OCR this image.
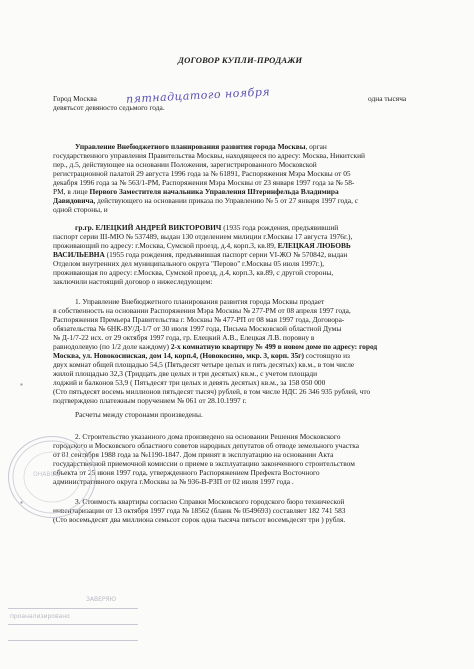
ДОГОВОР КУПЛИ-ПРОДАЖИ

Город Москва	пятнадцатого ноября	одна тысяча

девятьсот девяносто седьмого года.

Управление Внебюджетного планирования развития города Москвы, орган

государственного управления Правительства Москвы, находящееся по адресу: Москва, Никитский

пер., д.5, действующее на основании Положения, зарегистрированного Московской

регистрационной палатой 29 августа 1996 года за № 61891, Распоряжения Мэра Москвы от 05

декабря 1996 года за № 563/1-РМ, Распоряжения Мэра Москвы от 23 января 1997 года за № 58-

РМ, в лице Первого Заместителя начальника Управления Штеринфельда Владимира

Давидовича, действующего на основании приказа по Управлению № 5 от 27 января 1997 года, с

одной стороны, и

гр.гр. ЕЛЕЦКИЙ АНДРЕЙ ВИКТОРОВИЧ (1935 года рождения, предъявивший

паспорт серии III-МЮ № 537489, выдан 130 отделением милиции г.Москвы 17 августа 1976г.),

проживающий по адресу: г.Москва, Сумской проезд, д.4, корп.3, кв.89, ЕЛЕЦКАЯ ЛЮБОВЬ

ВАСИЛЬЕВНА (1955 года рождения, предъявившая паспорт серии VI-ЖО № 570842, выдан

Отделом внутренних дел муниципального округа "Перово" г.Москвы 05 июля 1997г.),

проживающая по адресу: г.Москва, Сумской проезд, д.4, корп.3, кв.89, с другой стороны,

заключили настоящий договор о нижеследующем:

1. Управление Внебюджетного планирования развития города Москвы продает

в собственность на основании Распоряжения Мэра Москвы № 277-РМ от 08 апреля 1997 года,

Распоряжения Премьера Правительства г. Москвы № 477-РП от 08 мая 1997 года, Договора-

обязательства № 6НК-8У/Д-1/7 от 30 июля 1997 года, Письма Московской областной Думы

№ Д-1/7-22 исх. от 29 октября 1997 года, гр. Елецкий А.В., Елецкая Л.В. поровну в

равнодолевую (по 1/2 доле каждому) 2-х комнатную квартиру № 499 в новом доме по адресу: город

Москва, ул. Новокосинская, дом 14, корп.4, (Новокосино, мкр. 3, корп. 35г) состоящую из

двух комнат общей площадью 54,5 (Пятьдесят четыре целых и пять десятых) кв.м., в том числе

жилой площадью 32,3 (Тридцать две целых и три десятых) кв.м., с учетом площади

лоджий и балконов 53,9 ( Пятьдесят три целых и девять десятых) кв.м., за 158 050 000

(Сто пятьдесят восемь миллионов пятьдесят тысяч) рублей, в том числе НДС 26 346 935 рублей, что

подтверждено платежным поручением № 061 от 28.10.1997 г.

Расчеты между сторонами произведены.

2. Строительство указанного дома произведено на основании Решения Московского

городского и Московского областного советов народных депутатов об отводе земельного участка

от 01 сентября 1988 года за №1190-1847. Дом принят в эксплуатацию на основании Акта

государственной приемочной комиссии о приеме в эксплуатацию законченного строительством

объекта от 25 июня 1997 года, утвержденного Распоряжением Префекта Восточного

административного округа г.Москвы за № 936-В-РЗП от 02 июля 1997 года .

3. Стоимость квартиры согласно Справки Московского городского бюро технической

инвентаризации от 13 октября 1997 года № 18562 (бланк № 0549693) составляет 182 741 583

(Сто восемьдесят два миллиона семьсот сорок одна тысяча пятьсот восемьдесят три ) рубля.

ОНАВОЦ
ЗАВЕРЯЮ
проанализировано
▪
▪
